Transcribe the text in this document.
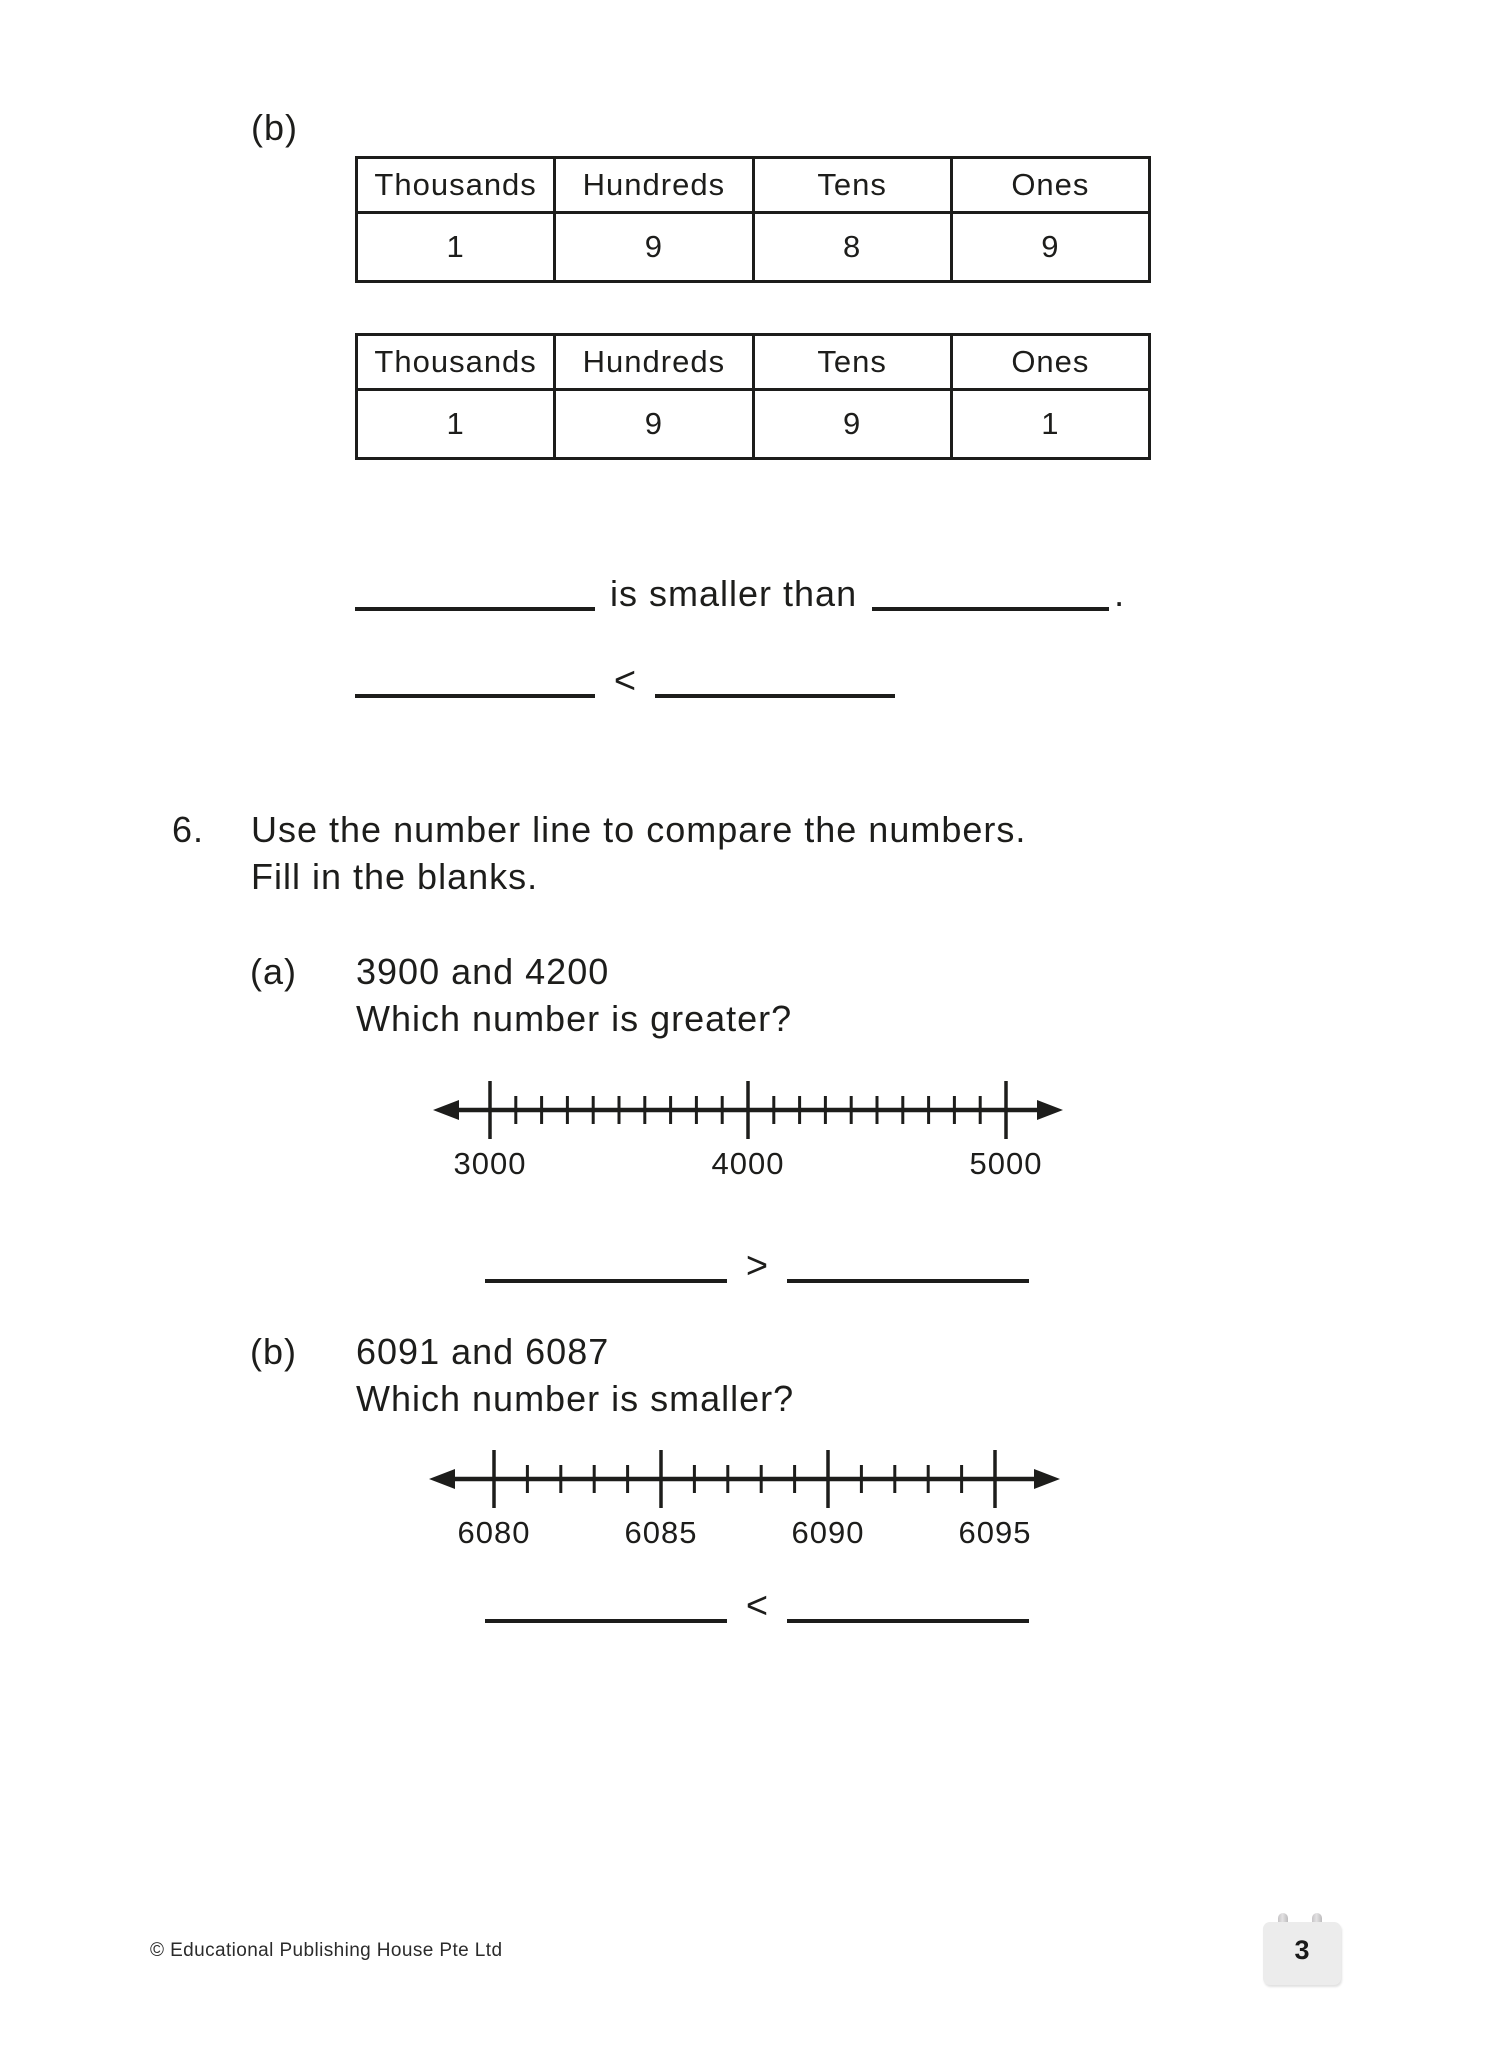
(b)
Thousands	Hundreds	Tens	Ones
1	9	8	9
Thousands	Hundreds	Tens	Ones
1	9	9	1
is smaller than	.
<
6. Use the number line to compare the numbers.
Fill in the blanks.
(a) 3900 and 4200
Which number is greater?
3000	4000	5000
>
(b) 6091 and 6087
Which number is smaller?
6080	6085	6090	6095
<
© Educational Publishing House Pte Ltd	3
